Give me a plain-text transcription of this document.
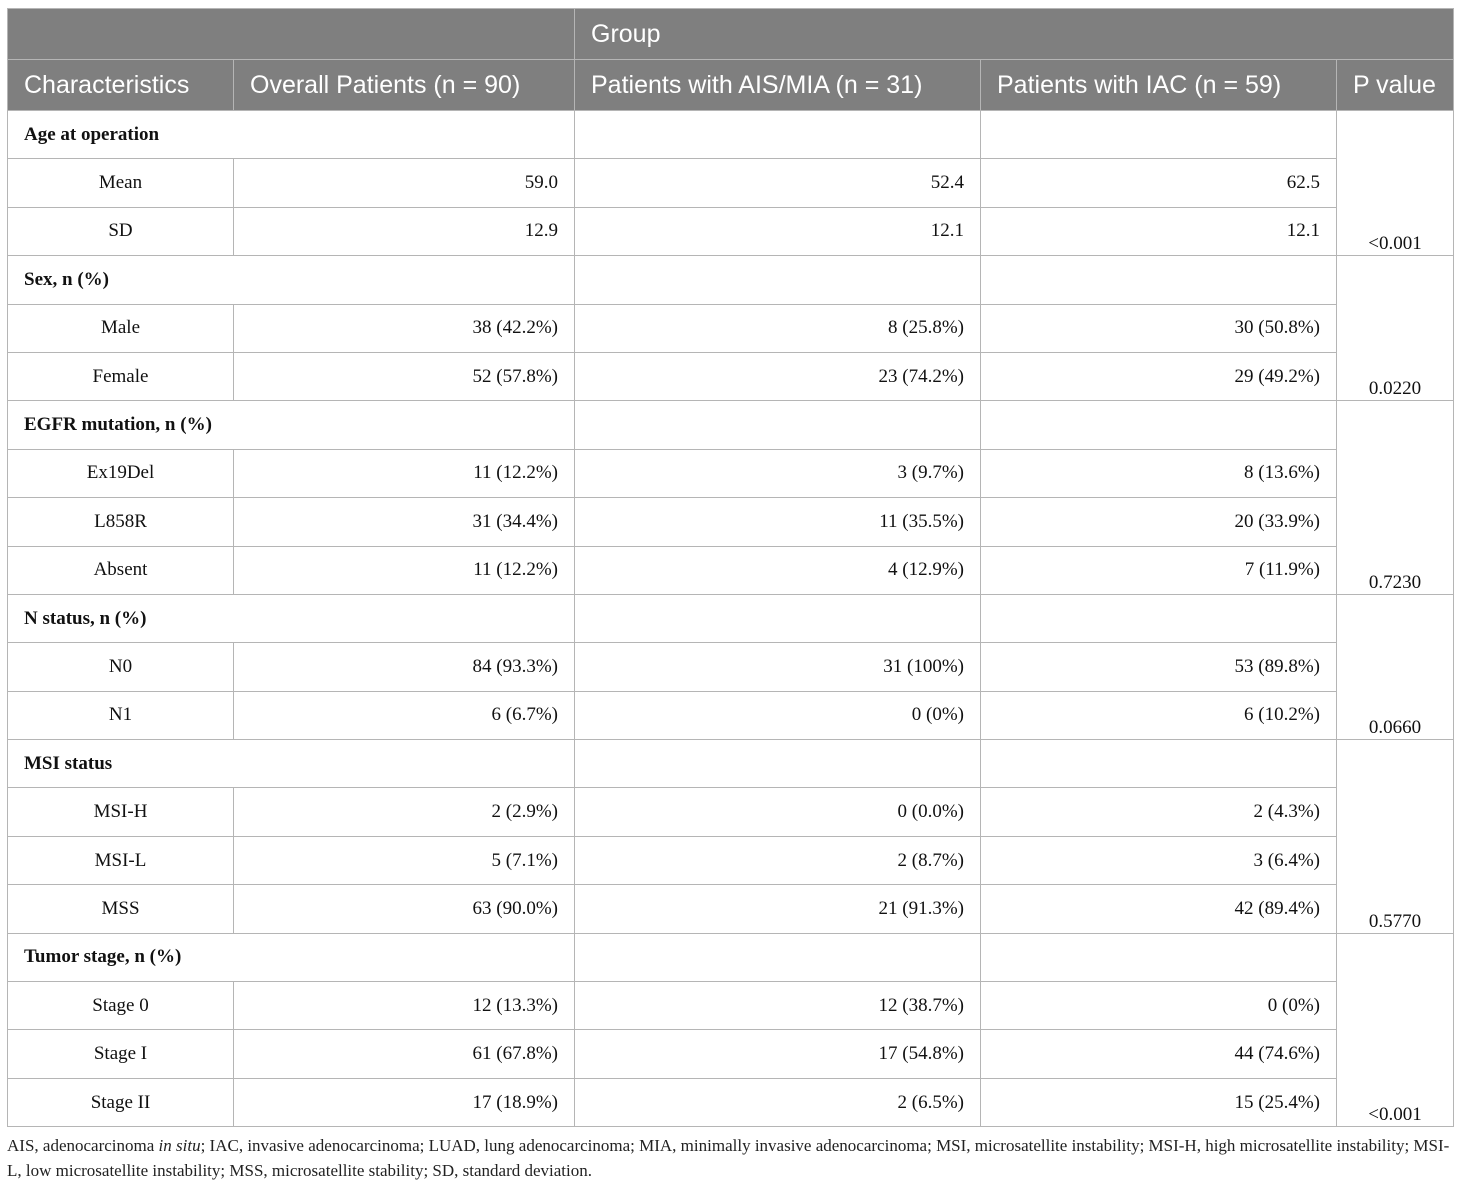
		Group		
Characteristics	Overall Patients (n = 90)	Patients with AIS/MIA (n = 31)	Patients with IAC (n = 59)	P value
Age at operation				<0.001
Mean	59.0	52.4	62.5	
SD	12.9	12.1	12.1	
Sex, n (%)				0.0220
Male	38 (42.2%)	8 (25.8%)	30 (50.8%)	
Female	52 (57.8%)	23 (74.2%)	29 (49.2%)	
EGFR mutation, n (%)				0.7230
Ex19Del	11 (12.2%)	3 (9.7%)	8 (13.6%)	
L858R	31 (34.4%)	11 (35.5%)	20 (33.9%)	
Absent	11 (12.2%)	4 (12.9%)	7 (11.9%)	
N status, n (%)				0.0660
N0	84 (93.3%)	31 (100%)	53 (89.8%)	
N1	6 (6.7%)	0 (0%)	6 (10.2%)	
MSI status				0.5770
MSI-H	2 (2.9%)	0 (0.0%)	2 (4.3%)	
MSI-L	5 (7.1%)	2 (8.7%)	3 (6.4%)	
MSS	63 (90.0%)	21 (91.3%)	42 (89.4%)	
Tumor stage, n (%)				<0.001
Stage 0	12 (13.3%)	12 (38.7%)	0 (0%)	
Stage I	61 (67.8%)	17 (54.8%)	44 (74.6%)	
Stage II	17 (18.9%)	2 (6.5%)	15 (25.4%)	
AIS, adenocarcinoma in situ; IAC, invasive adenocarcinoma; LUAD, lung adenocarcinoma; MIA, minimally invasive adenocarcinoma; MSI, microsatellite instability; MSI-H, high microsatellite instability; MSI-L, low microsatellite instability; MSS, microsatellite stability; SD, standard deviation.
